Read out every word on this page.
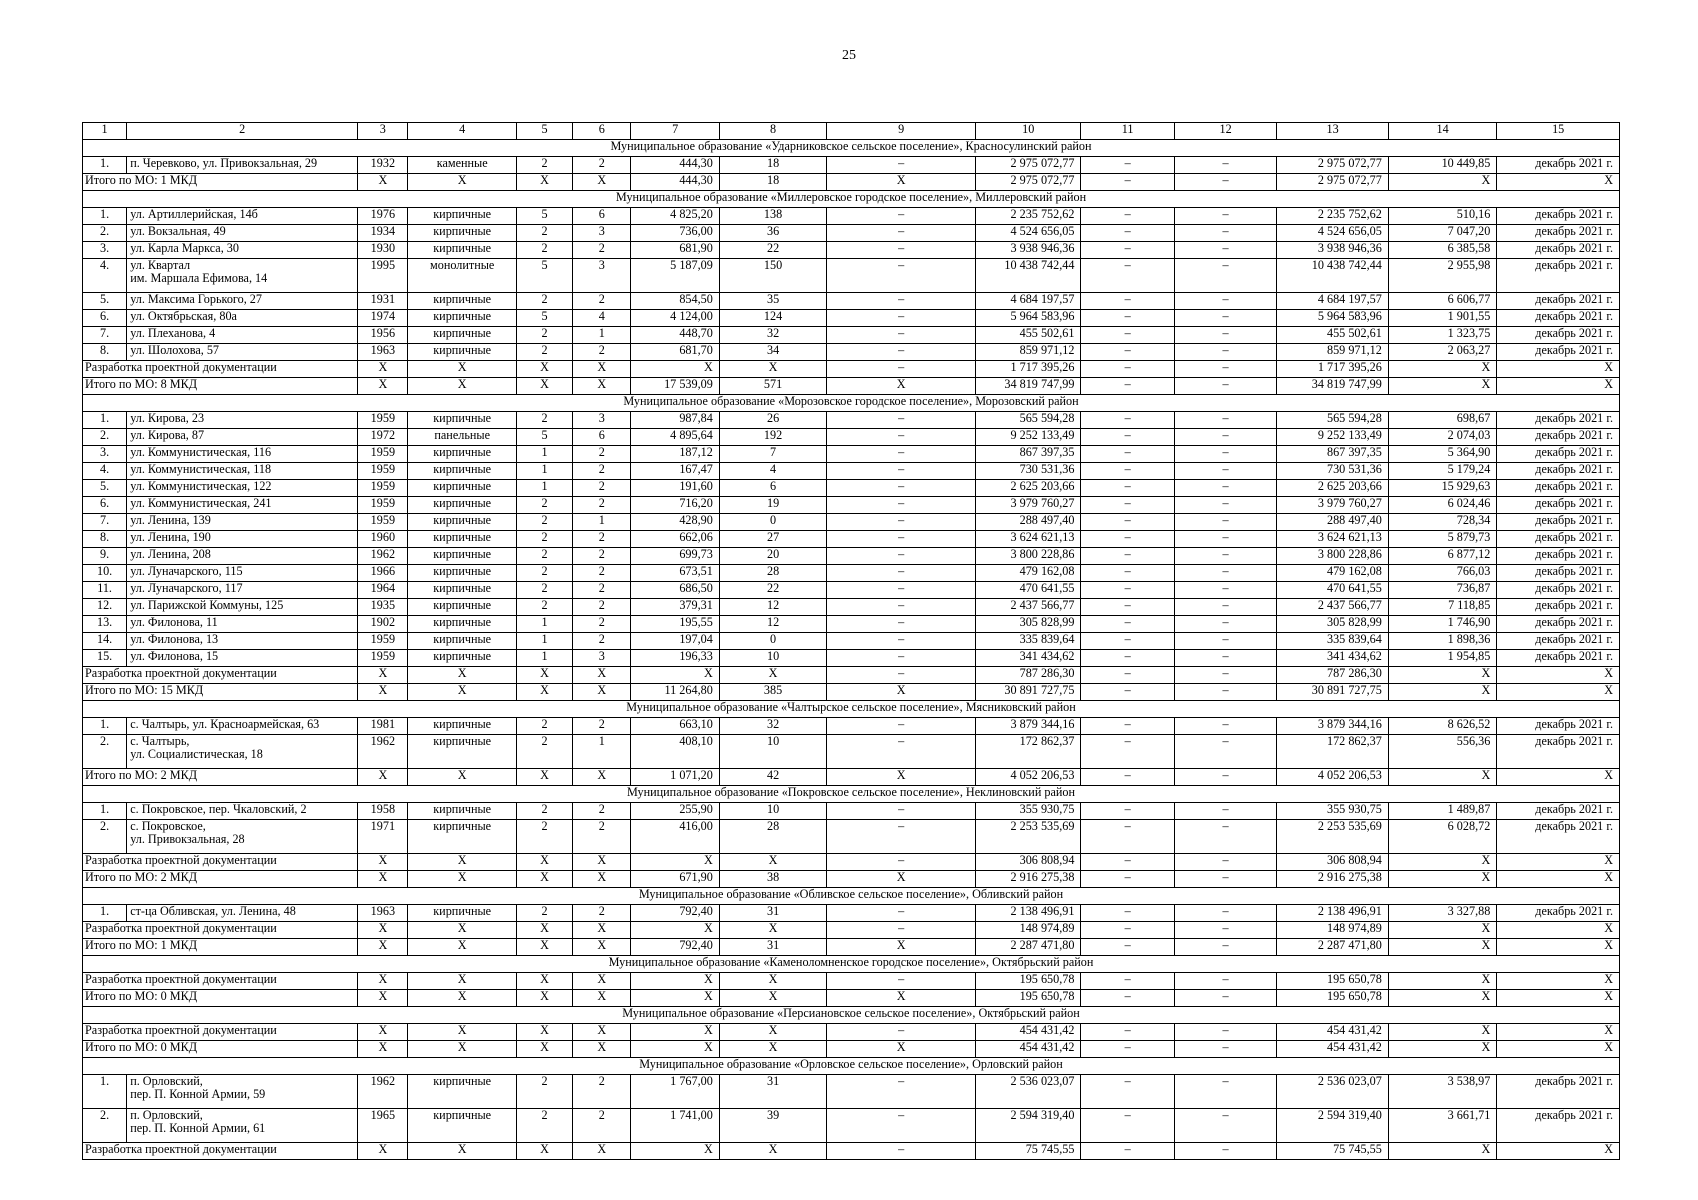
25
1	2	3	4	5	6	7	8	9	10	11	12	13	14	15
Муниципальное образование «Ударниковское сельское поселение», Красносулинский район														
1.	п. Черевково, ул. Привокзальная, 29	1932	каменные	2	2	444,30	18	–	2 975 072,77	–	–	2 975 072,77	10 449,85	декабрь 2021 г.
Итого по МО: 1 МКД		X	X	X	X	444,30	18	X	2 975 072,77	–	–	2 975 072,77	X	X
Муниципальное образование «Миллеровское городское поселение», Миллеровский район														
1.	ул. Артиллерийская, 14б	1976	кирпичные	5	6	4 825,20	138	–	2 235 752,62	–	–	2 235 752,62	510,16	декабрь 2021 г.
2.	ул. Вокзальная, 49	1934	кирпичные	2	3	736,00	36	–	4 524 656,05	–	–	4 524 656,05	7 047,20	декабрь 2021 г.
3.	ул. Карла Маркса, 30	1930	кирпичные	2	2	681,90	22	–	3 938 946,36	–	–	3 938 946,36	6 385,58	декабрь 2021 г.
4.	ул. Квартал
им. Маршала Ефимова, 14	1995	монолитные	5	3	5 187,09	150	–	10 438 742,44	–	–	10 438 742,44	2 955,98	декабрь 2021 г.
5.	ул. Максима Горького, 27	1931	кирпичные	2	2	854,50	35	–	4 684 197,57	–	–	4 684 197,57	6 606,77	декабрь 2021 г.
6.	ул. Октябрьская, 80а	1974	кирпичные	5	4	4 124,00	124	–	5 964 583,96	–	–	5 964 583,96	1 901,55	декабрь 2021 г.
7.	ул. Плеханова, 4	1956	кирпичные	2	1	448,70	32	–	455 502,61	–	–	455 502,61	1 323,75	декабрь 2021 г.
8.	ул. Шолохова, 57	1963	кирпичные	2	2	681,70	34	–	859 971,12	–	–	859 971,12	2 063,27	декабрь 2021 г.
Разработка проектной документации		X	X	X	X	X	X	–	1 717 395,26	–	–	1 717 395,26	X	X
Итого по МО: 8 МКД		X	X	X	X	17 539,09	571	X	34 819 747,99	–	–	34 819 747,99	X	X
Муниципальное образование «Морозовское городское поселение», Морозовский район														
1.	ул. Кирова, 23	1959	кирпичные	2	3	987,84	26	–	565 594,28	–	–	565 594,28	698,67	декабрь 2021 г.
2.	ул. Кирова, 87	1972	панельные	5	6	4 895,64	192	–	9 252 133,49	–	–	9 252 133,49	2 074,03	декабрь 2021 г.
3.	ул. Коммунистическая, 116	1959	кирпичные	1	2	187,12	7	–	867 397,35	–	–	867 397,35	5 364,90	декабрь 2021 г.
4.	ул. Коммунистическая, 118	1959	кирпичные	1	2	167,47	4	–	730 531,36	–	–	730 531,36	5 179,24	декабрь 2021 г.
5.	ул. Коммунистическая, 122	1959	кирпичные	1	2	191,60	6	–	2 625 203,66	–	–	2 625 203,66	15 929,63	декабрь 2021 г.
6.	ул. Коммунистическая, 241	1959	кирпичные	2	2	716,20	19	–	3 979 760,27	–	–	3 979 760,27	6 024,46	декабрь 2021 г.
7.	ул. Ленина, 139	1959	кирпичные	2	1	428,90	0	–	288 497,40	–	–	288 497,40	728,34	декабрь 2021 г.
8.	ул. Ленина, 190	1960	кирпичные	2	2	662,06	27	–	3 624 621,13	–	–	3 624 621,13	5 879,73	декабрь 2021 г.
9.	ул. Ленина, 208	1962	кирпичные	2	2	699,73	20	–	3 800 228,86	–	–	3 800 228,86	6 877,12	декабрь 2021 г.
10.	ул. Луначарского, 115	1966	кирпичные	2	2	673,51	28	–	479 162,08	–	–	479 162,08	766,03	декабрь 2021 г.
11.	ул. Луначарского, 117	1964	кирпичные	2	2	686,50	22	–	470 641,55	–	–	470 641,55	736,87	декабрь 2021 г.
12.	ул. Парижской Коммуны, 125	1935	кирпичные	2	2	379,31	12	–	2 437 566,77	–	–	2 437 566,77	7 118,85	декабрь 2021 г.
13.	ул. Филонова, 11	1902	кирпичные	1	2	195,55	12	–	305 828,99	–	–	305 828,99	1 746,90	декабрь 2021 г.
14.	ул. Филонова, 13	1959	кирпичные	1	2	197,04	0	–	335 839,64	–	–	335 839,64	1 898,36	декабрь 2021 г.
15.	ул. Филонова, 15	1959	кирпичные	1	3	196,33	10	–	341 434,62	–	–	341 434,62	1 954,85	декабрь 2021 г.
Разработка проектной документации		X	X	X	X	X	X	–	787 286,30	–	–	787 286,30	X	X
Итого по МО: 15 МКД		X	X	X	X	11 264,80	385	X	30 891 727,75	–	–	30 891 727,75	X	X
Муниципальное образование «Чалтырское сельское поселение», Мясниковский район														
1.	с. Чалтырь, ул. Красноармейская, 63	1981	кирпичные	2	2	663,10	32	–	3 879 344,16	–	–	3 879 344,16	8 626,52	декабрь 2021 г.
2.	с. Чалтырь,
ул. Социалистическая, 18	1962	кирпичные	2	1	408,10	10	–	172 862,37	–	–	172 862,37	556,36	декабрь 2021 г.
Итого по МО: 2 МКД		X	X	X	X	1 071,20	42	X	4 052 206,53	–	–	4 052 206,53	X	X
Муниципальное образование «Покровское сельское поселение», Неклиновский район														
1.	с. Покровское, пер. Чкаловский, 2	1958	кирпичные	2	2	255,90	10	–	355 930,75	–	–	355 930,75	1 489,87	декабрь 2021 г.
2.	с. Покровское,
ул. Привокзальная, 28	1971	кирпичные	2	2	416,00	28	–	2 253 535,69	–	–	2 253 535,69	6 028,72	декабрь 2021 г.
Разработка проектной документации		X	X	X	X	X	X	–	306 808,94	–	–	306 808,94	X	X
Итого по МО: 2 МКД		X	X	X	X	671,90	38	X	2 916 275,38	–	–	2 916 275,38	X	X
Муниципальное образование «Обливское сельское поселение», Обливский район														
1.	ст-ца Обливская, ул. Ленина, 48	1963	кирпичные	2	2	792,40	31	–	2 138 496,91	–	–	2 138 496,91	3 327,88	декабрь 2021 г.
Разработка проектной документации		X	X	X	X	X	X	–	148 974,89	–	–	148 974,89	X	X
Итого по МО: 1 МКД		X	X	X	X	792,40	31	X	2 287 471,80	–	–	2 287 471,80	X	X
Муниципальное образование «Каменоломненское городское поселение», Октябрьский район														
Разработка проектной документации		X	X	X	X	X	X	–	195 650,78	–	–	195 650,78	X	X
Итого по МО: 0 МКД		X	X	X	X	X	X	X	195 650,78	–	–	195 650,78	X	X
Муниципальное образование «Персиановское сельское поселение», Октябрьский район														
Разработка проектной документации		X	X	X	X	X	X	–	454 431,42	–	–	454 431,42	X	X
Итого по МО: 0 МКД		X	X	X	X	X	X	X	454 431,42	–	–	454 431,42	X	X
Муниципальное образование «Орловское сельское поселение», Орловский район														
1.	п. Орловский,
пер. П. Конной Армии, 59	1962	кирпичные	2	2	1 767,00	31	–	2 536 023,07	–	–	2 536 023,07	3 538,97	декабрь 2021 г.
2.	п. Орловский,
пер. П. Конной Армии, 61	1965	кирпичные	2	2	1 741,00	39	–	2 594 319,40	–	–	2 594 319,40	3 661,71	декабрь 2021 г.
Разработка проектной документации		X	X	X	X	X	X	–	75 745,55	–	–	75 745,55	X	X
